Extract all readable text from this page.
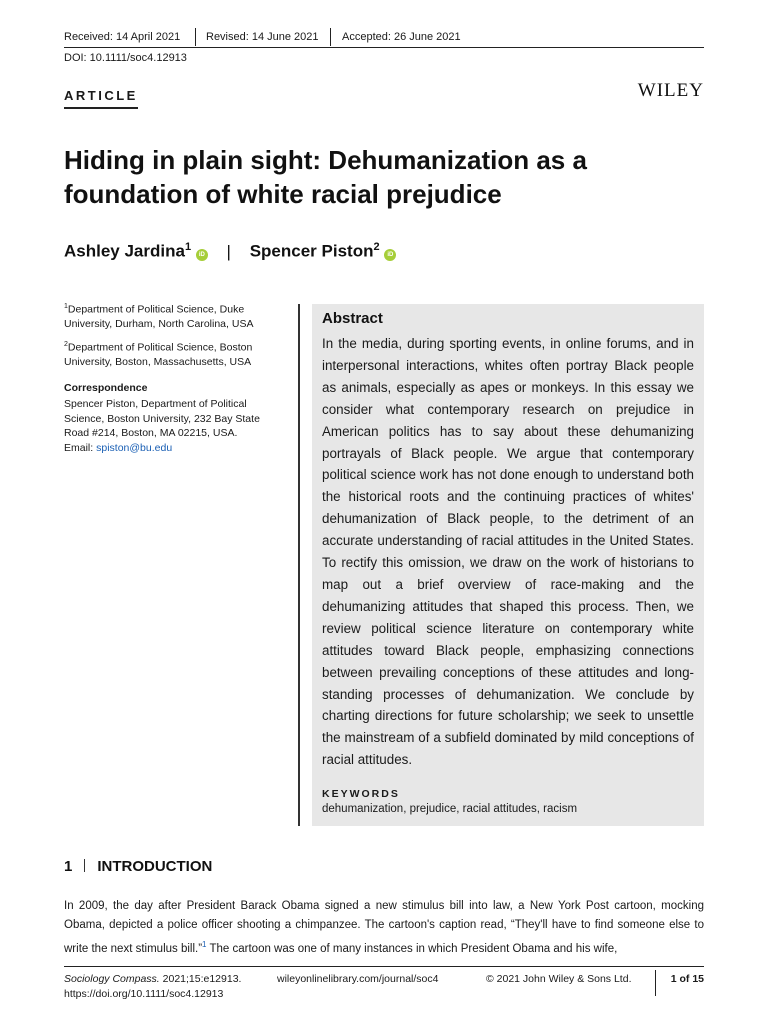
Received: 14 April 2021 Revised: 14 June 2021 Accepted: 26 June 2021
DOI: 10.1111/soc4.12913
ARTICLE	WILEY
Hiding in plain sight: Dehumanization as a foundation of white racial prejudice
Ashley Jardina$^1$ iD | Spencer Piston$^2$ iD

$^1$Department of Political Science, Duke University, Durham, North Carolina, USA

$^2$Department of Political Science, Boston University, Boston, Massachusetts, USA

Correspondence

Spencer Piston, Department of Political Science, Boston University, 232 Bay State Road #214, Boston, MA 02215, USA.
Email: spiston@bu.edu

Abstract

In the media, during sporting events, in online forums, and in interpersonal interactions, whites often portray Black people as animals, especially as apes or monkeys. In this essay we consider what contemporary research on prejudice in American politics has to say about these dehumanizing portrayals of Black people. We argue that contemporary political science work has not done enough to understand both the historical roots and the continuing practices of whites' dehumanization of Black people, to the detriment of an accurate understanding of racial attitudes in the United States. To rectify this omission, we draw on the work of historians to map out a brief overview of race-making and the dehumanizing attitudes that shaped this process. Then, we review political science literature on contemporary white attitudes toward Black people, emphasizing connections between prevailing conceptions of these attitudes and long-standing processes of dehumanization. We conclude by charting directions for future scholarship; we seek to unsettle the mainstream of a subfield dominated by mild conceptions of racial attitudes.

KEYWORDS
dehumanization, prejudice, racial attitudes, racism
1 INTRODUCTION

In 2009, the day after President Barack Obama signed a new stimulus bill into law, a New York Post cartoon, mocking Obama, depicted a police officer shooting a chimpanzee. The cartoon's caption read, “They'll have to find someone else to write the next stimulus bill.”$^1$ The cartoon was one of many instances in which President Obama and his wife,

Sociology Compass. 2021;15:e12913.
https://doi.org/10.1111/soc4.12913
wileyonlinelibrary.com/journal/soc4	© 2021 John Wiley & Sons Ltd.	1 of 15
